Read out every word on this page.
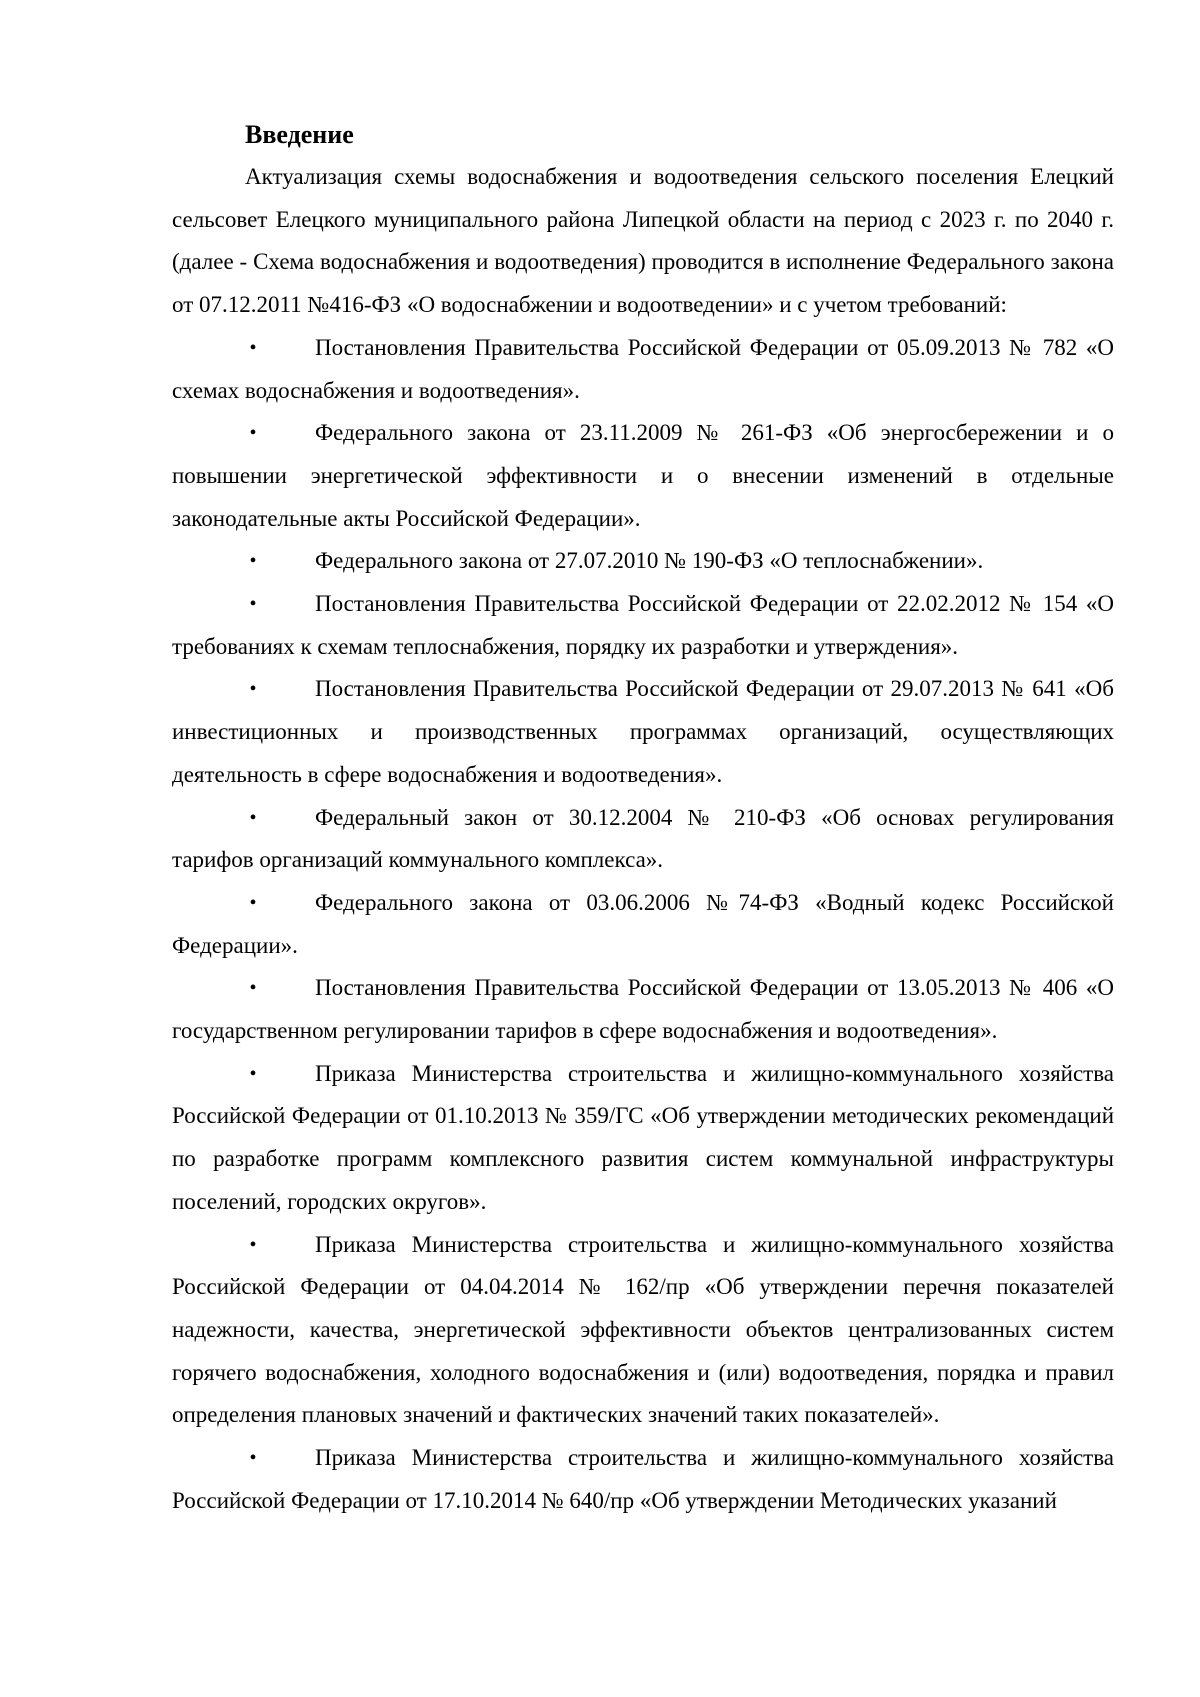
Введение

Актуализация схемы водоснабжения и водоотведения сельского поселения Елецкий сельсовет Елецкого муниципального района Липецкой области на период с 2023 г. по 2040 г. (далее - Схема водоснабжения и водоотведения) проводится в исполнение Федерального закона от 07.12.2011 №416-ФЗ «О водоснабжении и водоотведении» и с учетом требований:

•	Постановления Правительства Российской Федерации от 05.09.2013 № 782 «О схемах водоснабжения и водоотведения».
•	Федерального закона от 23.11.2009 № 261-ФЗ «Об энергосбережении и о повышении энергетической эффективности и о внесении изменений в отдельные законодательные акты Российской Федерации».
•	Федерального закона от 27.07.2010 № 190-ФЗ «О теплоснабжении».
•	Постановления Правительства Российской Федерации от 22.02.2012 № 154 «О требованиях к схемам теплоснабжения, порядку их разработки и утверждения».
•	Постановления Правительства Российской Федерации от 29.07.2013 № 641 «Об инвестиционных и производственных программах организаций, осуществляющих деятельность в сфере водоснабжения и водоотведения».
•	Федеральный закон от 30.12.2004 № 210-ФЗ «Об основах регулирования тарифов организаций коммунального комплекса».
•	Федерального закона от 03.06.2006 №74-ФЗ «Водный кодекс Российской Федерации».
•	Постановления Правительства Российской Федерации от 13.05.2013 № 406 «О государственном регулировании тарифов в сфере водоснабжения и водоотведения».
•	Приказа Министерства строительства и жилищно-коммунального хозяйства Российской Федерации от 01.10.2013 № 359/ГС «Об утверждении методических рекомендаций по разработке программ комплексного развития систем коммунальной инфраструктуры поселений, городских округов».
•	Приказа Министерства строительства и жилищно-коммунального хозяйства Российской Федерации от 04.04.2014 № 162/пр «Об утверждении перечня показателей надежности, качества, энергетической эффективности объектов централизованных систем горячего водоснабжения, холодного водоснабжения и (или) водоотведения, порядка и правил определения плановых значений и фактических значений таких показателей».
•	Приказа Министерства строительства и жилищно-коммунального хозяйства Российской Федерации от 17.10.2014 № 640/пр «Об утверждении Методических указаний
